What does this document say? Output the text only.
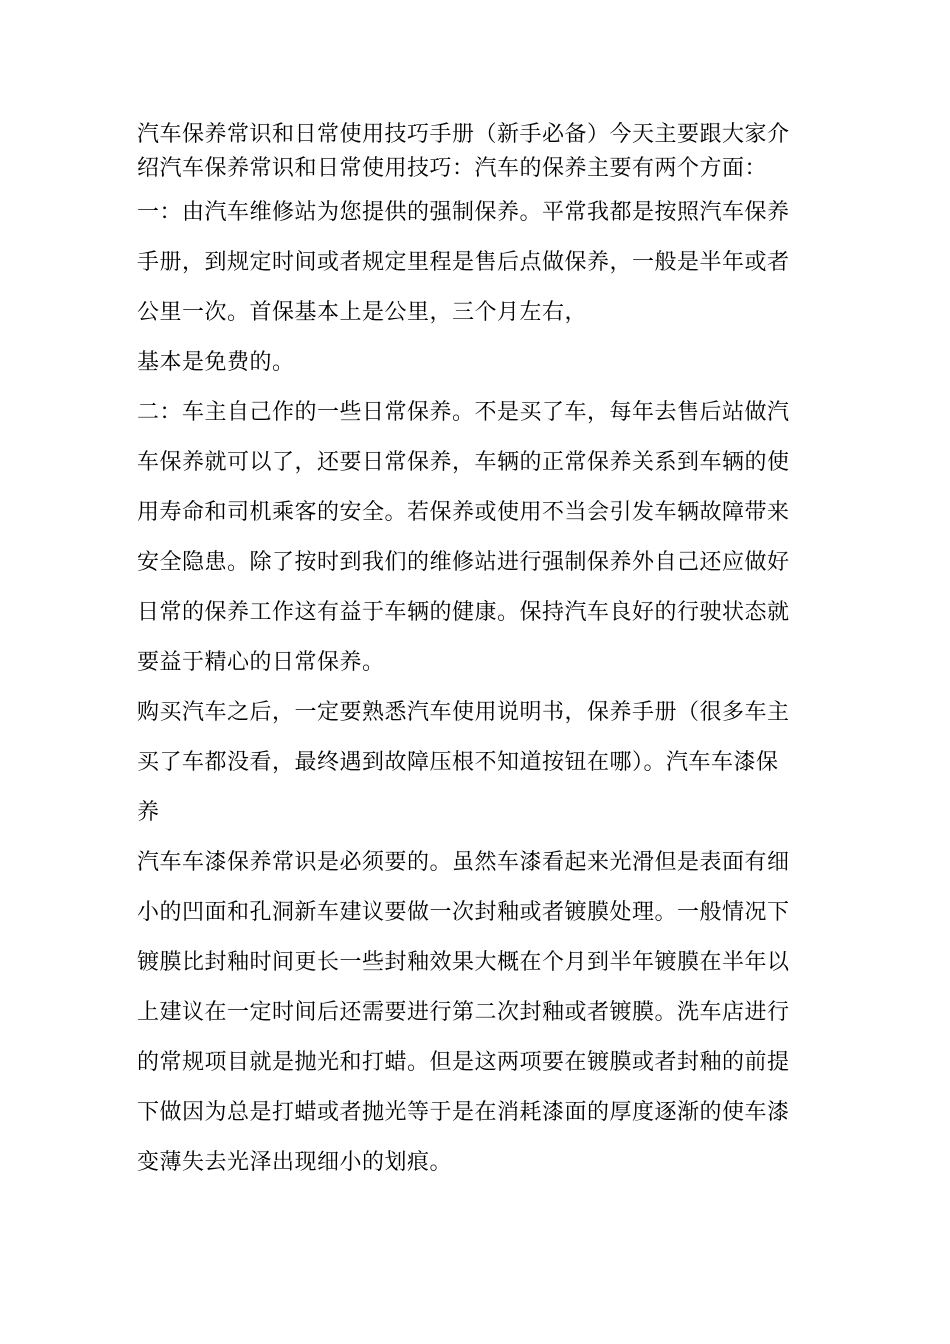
汽车保养常识和日常使用技巧手册（新手必备）今天主要跟大家介
绍汽车保养常识和日常使用技巧：汽车的保养主要有两个方面：
一：由汽车维修站为您提供的强制保养。平常我都是按照汽车保养
手册，到规定时间或者规定里程是售后点做保养，一般是半年或者
公里一次。首保基本上是公里，三个月左右，
基本是免费的。
二：车主自己作的一些日常保养。不是买了车，每年去售后站做汽
车保养就可以了，还要日常保养，车辆的正常保养关系到车辆的使
用寿命和司机乘客的安全。若保养或使用不当会引发车辆故障带来
安全隐患。除了按时到我们的维修站进行强制保养外自己还应做好
日常的保养工作这有益于车辆的健康。保持汽车良好的行驶状态就
要益于精心的日常保养。
购买汽车之后，一定要熟悉汽车使用说明书，保养手册（很多车主
买了车都没看，最终遇到故障压根不知道按钮在哪）。汽车车漆保
养
汽车车漆保养常识是必须要的。虽然车漆看起来光滑但是表面有细
小的凹面和孔洞新车建议要做一次封釉或者镀膜处理。一般情况下
镀膜比封釉时间更长一些封釉效果大概在个月到半年镀膜在半年以
上建议在一定时间后还需要进行第二次封釉或者镀膜。洗车店进行
的常规项目就是抛光和打蜡。但是这两项要在镀膜或者封釉的前提
下做因为总是打蜡或者抛光等于是在消耗漆面的厚度逐渐的使车漆
变薄失去光泽出现细小的划痕。
